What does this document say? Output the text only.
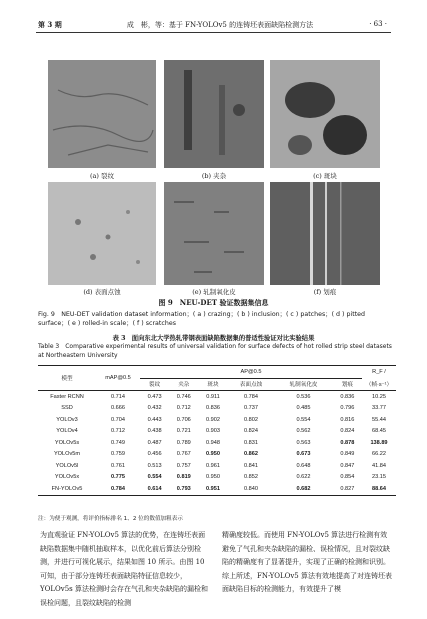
第 3 期	成　彬，等：基于 FN-YOLOv5 的连铸坯表面缺陷检测方法	· 63 ·
(a) 裂纹	(b) 夹杂	(c) 斑块
(d) 表面点蚀	(e) 轧制氧化皮	(f) 划痕
图 9　NEU-DET 验证数据集信息
Fig. 9　NEU-DET validation dataset information；( a ) crazing；( b ) inclusion；( c ) patches；( d ) pitted surface；( e ) rolled-in scale；( f ) scratches
表 3　面向东北大学热轧带钢表面缺陷数据集的普适性验证对比实验结果
Table 3　Comparative experimental results of universal validation for surface defects of hot rolled strip steel datasets at Northeastern University
模型	mAP@0.5	AP@0.5						R_F /
		裂纹	夹杂	斑块	表面点蚀	轧制氧化皮	划痕	（帧·s⁻¹）
Faster RCNN	0.714	0.473	0.746	0.911	0.784	0.536	0.836	10.25
SSD	0.666	0.432	0.712	0.836	0.737	0.485	0.796	33.77
YOLOv3	0.704	0.443	0.706	0.902	0.802	0.554	0.816	55.44
YOLOv4	0.712	0.438	0.721	0.903	0.824	0.562	0.824	68.45
YOLOv5s	0.749	0.487	0.789	0.948	0.831	0.563	0.878	138.89
YOLOv5m	0.759	0.456	0.767	0.950	0.862	0.673	0.849	66.22
YOLOv5l	0.761	0.513	0.757	0.961	0.841	0.648	0.847	41.84
YOLOv5x	0.775	0.554	0.819	0.950	0.852	0.622	0.854	23.15
FN-YOLOv5	0.784	0.614	0.793	0.951	0.840	0.682	0.827	88.64
注：为便于观测，将评价指标排名 1、2 位的数值加粗表示
为直观验证 FN-YOLOv5 算法的优势，在连铸坯表面缺陷数据集中随机抽取样本，以优化前后算法分别检测，并进行可视化展示，结果如图 10 所示。由图 10 可知，由于部分连铸坯表面缺陷特征信息较少，YOLOv5s 算法检测时会存在气孔和夹杂缺陷的漏检和误检问题，且裂纹缺陷的检测
精确度较低。而使用 FN-YOLOv5 算法进行检测有效避免了气孔和夹杂缺陷的漏检、误检情况，且对裂纹缺陷的精确度有了显著提升，实现了正确的检测和识别。　　综上所述，FN-YOLOv5 算法有效地提高了对连铸坯表面缺陷目标的检测能力，有效提升了模
